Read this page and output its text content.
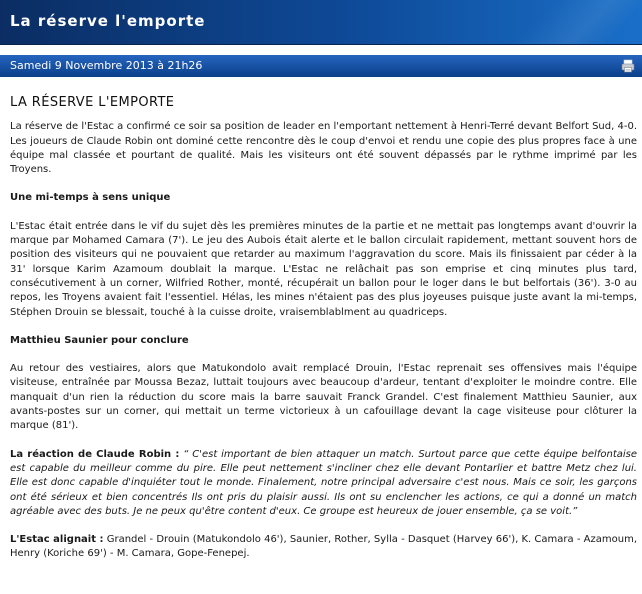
La réserve l'emporte
Samedi 9 Novembre 2013 à 21h26
LA RÉSERVE L'EMPORTE

La réserve de l'Estac a confirmé ce soir sa position de leader en l'emportant nettement à Henri-Terré devant Belfort Sud, 4-0. Les joueurs de Claude Robin ont dominé cette rencontre dès le coup d'envoi et rendu une copie des plus propres face à une équipe mal classée et pourtant de qualité. Mais les visiteurs ont été souvent dépassés par le rythme imprimé par les Troyens.

Une mi-temps à sens unique

L'Estac était entrée dans le vif du sujet dès les premières minutes de la partie et ne mettait pas longtemps avant d'ouvrir la marque par Mohamed Camara (7'). Le jeu des Aubois était alerte et le ballon circulait rapidement, mettant souvent hors de position des visiteurs qui ne pouvaient que retarder au maximum l'aggravation du score. Mais ils finissaient par céder à la 31' lorsque Karim Azamoum doublait la marque. L'Estac ne relâchait pas son emprise et cinq minutes plus tard, consécutivement à un corner, Wilfried Rother, monté, récupérait un ballon pour le loger dans le but belfortais (36'). 3-0 au repos, les Troyens avaient fait l'essentiel. Hélas, les mines n'étaient pas des plus joyeuses puisque juste avant la mi-temps, Stéphen Drouin se blessait, touché à la cuisse droite, vraisemblablment au quadriceps.

Matthieu Saunier pour conclure

Au retour des vestiaires, alors que Matukondolo avait remplacé Drouin, l'Estac reprenait ses offensives mais l'équipe visiteuse, entraînée par Moussa Bezaz, luttait toujours avec beaucoup d'ardeur, tentant d'exploiter le moindre contre. Elle manquait d'un rien la réduction du score mais la barre sauvait Franck Grandel. C'est finalement Matthieu Saunier, aux avants-postes sur un corner, qui mettait un terme victorieux à un cafouillage devant la cage visiteuse pour clôturer la marque (81').

La réaction de Claude Robin : “ C'est important de bien attaquer un match. Surtout parce que cette équipe belfontaise est capable du meilleur comme du pire. Elle peut nettement s'incliner chez elle devant Pontarlier et battre Metz chez lui. Elle est donc capable d'inquiéter tout le monde. Finalement, notre principal adversaire c'est nous. Mais ce soir, les garçons ont été sérieux et bien concentrés Ils ont pris du plaisir aussi. Ils ont su enclencher les actions, ce qui a donné un match agréable avec des buts. Je ne peux qu'être content d'eux. Ce groupe est heureux de jouer ensemble, ça se voit.”

L'Estac alignait : Grandel - Drouin (Matukondolo 46'), Saunier, Rother, Sylla - Dasquet (Harvey 66'), K. Camara - Azamoum, Henry (Koriche 69') - M. Camara, Gope-Fenepej.
